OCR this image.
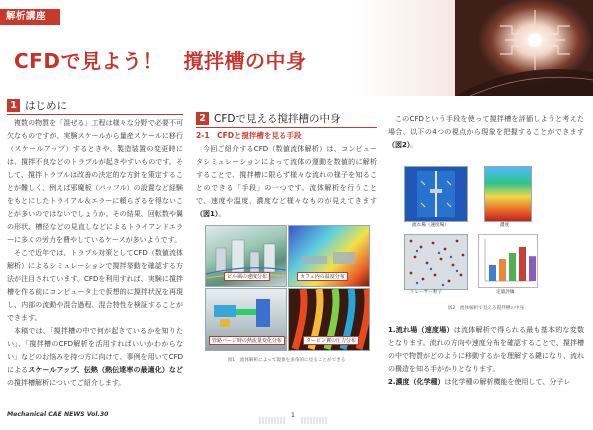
解析講座
CFDで見よう！　撹拌槽の中身
1 はじめに

複数の物質を「混ぜる」工程は様々な分野で必要不可欠なものですが、実験スケールから量産スケールに移行（スケールアップ）するときや、製造装置の変更時には、撹拌不良などのトラブルが起きやすいものです。そして、撹拌トラブルは改善の決定的な方針を策定することが難しく、例えば邪魔板（バッフル）の設置など経験をもとにしたトライアル＆エラーに頼らざるを得ないことが多いのではないでしょうか。その結果、回転数や翼の形状、槽径などの見直しなどによるトライアンドエラーに多くの労力を費やしているケースが多いようです。

そこで近年では、トラブル対策としてCFD（数値流体解析）によるシミュレーションで撹拌挙動を確認する方法が注目されています。CFDを利用すれば、実験に撹拌槽を作る前にコンピュータ上で仮想的に撹拌状況を再現し、内部の流動や混合過程、混合特性を検証することができます。

本稿では、「撹拌槽の中で何が起きているかを知りたい」、「撹拌槽のCFD解析を活用すればいいかわからない」などのお悩みを持つ方に向けて、事例を用いてCFDによるスケールアップ、伝熱（熱伝達率の最適化）などの撹拌槽解析についてご紹介します。

2 CFDで見える撹拌槽の中身
2-1　 CFDと撹拌槽を見る手段

今回ご紹介するCFD（数値流体解析）は、コンピュータシミュレーションによって流体の運動を数値的に解析することで、撹拌槽に限らず様々な流れの様子を知ることのできる「手段」の一つです。流体解析を行うことで、速度や温度、濃度など様々なものが見えてきます（図1）。

ビル風の速度分布	カフェ内の温度分布
管路バージ時の熱流量変化分布	タービン翼の圧力分布
図1　流体解析によって現象を多角的に見ることができる

このCFDという手段を使って撹拌槽を評価しようと考えた場合、以下の4つの視点から現象を把握することができます（図2）。

流れ場（速度場）	濃度
トレーサー粒子	定量評価
図2　流体解析で見える撹拌槽の中身

1.流れ場（速度場）は流体解析で得られる最も基本的な変数となります。流れの方向や速度分布を確認することで、撹拌槽の中で物質がどのように移動するかを理解する鍵になり、流れの構造を知る手がかりとなります。

2.濃度（化学種）は化学種の解析機能を使用して、分子レ

Mechanical CAE NEWS Vol.30	1
